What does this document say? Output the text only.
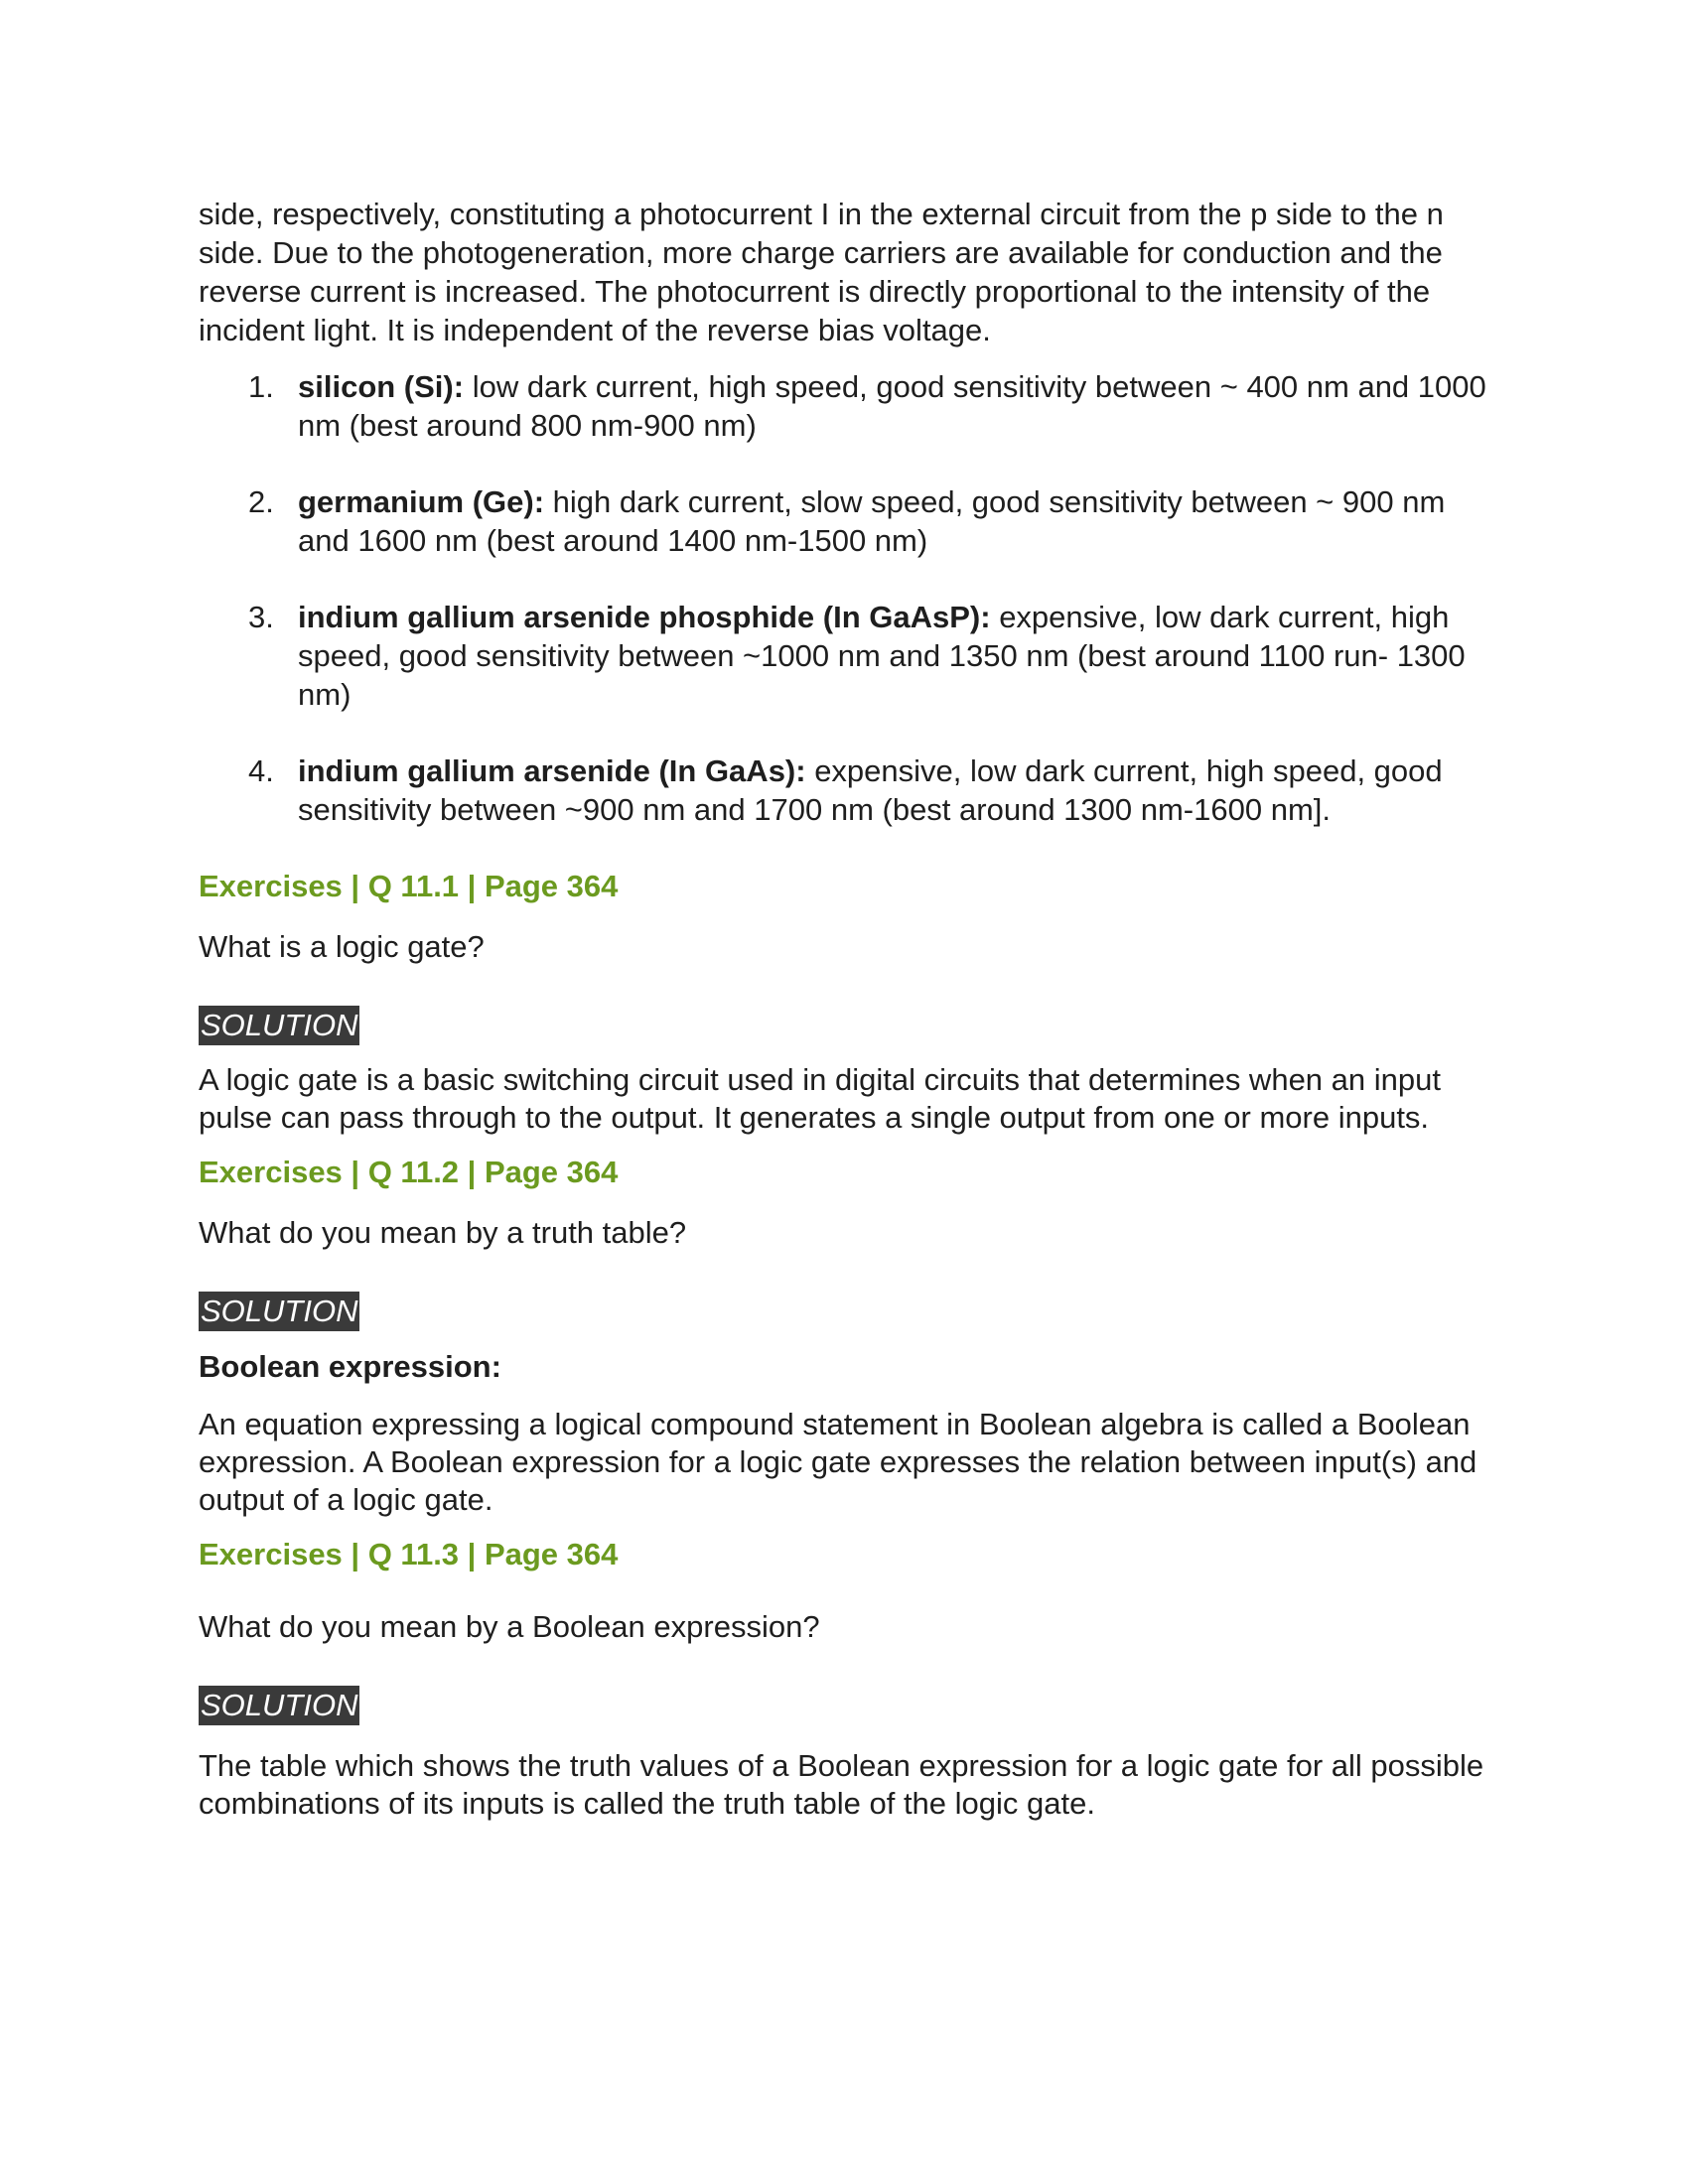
side, respectively, constituting a photocurrent I in the external circuit from the p side to the n side. Due to the photogeneration, more charge carriers are available for conduction and the reverse current is increased. The photocurrent is directly proportional to the intensity of the incident light. It is independent of the reverse bias voltage.

1. silicon (Si): low dark current, high speed, good sensitivity between ~ 400 nm and 1000 nm (best around 800 nm-900 nm)
2. germanium (Ge): high dark current, slow speed, good sensitivity between ~ 900 nm and 1600 nm (best around 1400 nm-1500 nm)
3. indium gallium arsenide phosphide (In GaAsP): expensive, low dark current, high speed, good sensitivity between ~1000 nm and 1350 nm (best around 1100 run- 1300 nm)
4. indium gallium arsenide (In GaAs): expensive, low dark current, high speed, good sensitivity between ~900 nm and 1700 nm (best around 1300 nm-1600 nm].

Exercises | Q 11.1 | Page 364

What is a logic gate?

SOLUTION

A logic gate is a basic switching circuit used in digital circuits that determines when an input pulse can pass through to the output. It generates a single output from one or more inputs.

Exercises | Q 11.2 | Page 364

What do you mean by a truth table?

SOLUTION

Boolean expression:

An equation expressing a logical compound statement in Boolean algebra is called a Boolean expression. A Boolean expression for a logic gate expresses the relation between input(s) and output of a logic gate.

Exercises | Q 11.3 | Page 364

What do you mean by a Boolean expression?

SOLUTION

The table which shows the truth values of a Boolean expression for a logic gate for all possible combinations of its inputs is called the truth table of the logic gate.
